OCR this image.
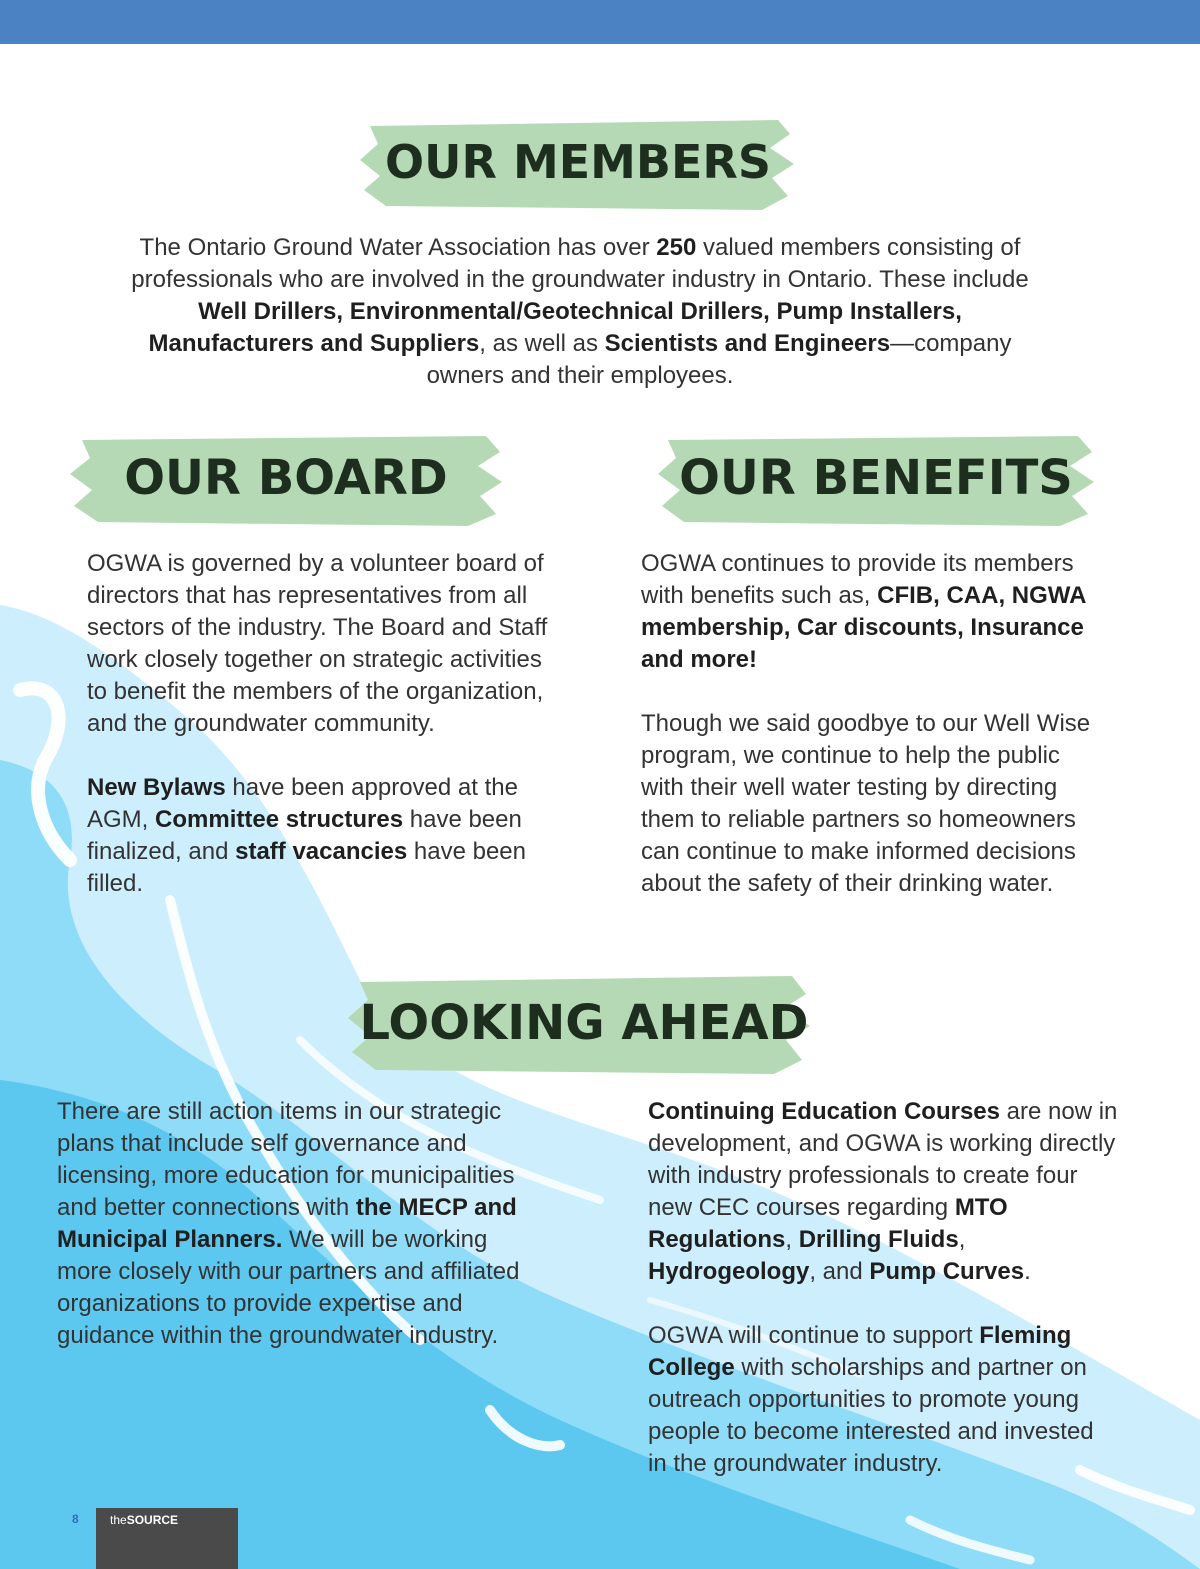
OUR MEMBERS
OUR BOARD	OUR BENEFITS
LOOKING AHEAD

The Ontario Ground Water Association has over 250 valued members consisting of professionals who are involved in the groundwater industry in Ontario. These include Well Drillers, Environmental/Geotechnical Drillers, Pump Installers, Manufacturers and Suppliers, as well as Scientists and Engineers—company owners and their employees.

OGWA is governed by a volunteer board of directors that has representatives from all sectors of the industry. The Board and Staff work closely together on strategic activities to benefit the members of the organization, and the groundwater community.

New Bylaws have been approved at the AGM, Committee structures have been finalized, and staff vacancies have been filled.

OGWA continues to provide its members with benefits such as, CFIB, CAA, NGWA membership, Car discounts, Insurance and more!

Though we said goodbye to our Well Wise program, we continue to help the public with their well water testing by directing them to reliable partners so homeowners can continue to make informed decisions about the safety of their drinking water.

There are still action items in our strategic plans that include self governance and licensing, more education for municipalities and better connections with the MECP and Municipal Planners. We will be working more closely with our partners and affiliated organizations to provide expertise and guidance within the groundwater industry.

Continuing Education Courses are now in development, and OGWA is working directly with industry professionals to create four new CEC courses regarding MTO Regulations, Drilling Fluids, Hydrogeology, and Pump Curves.

OGWA will continue to support Fleming College with scholarships and partner on outreach opportunities to promote young people to become interested and invested in the groundwater industry.

8	theSOURCE
